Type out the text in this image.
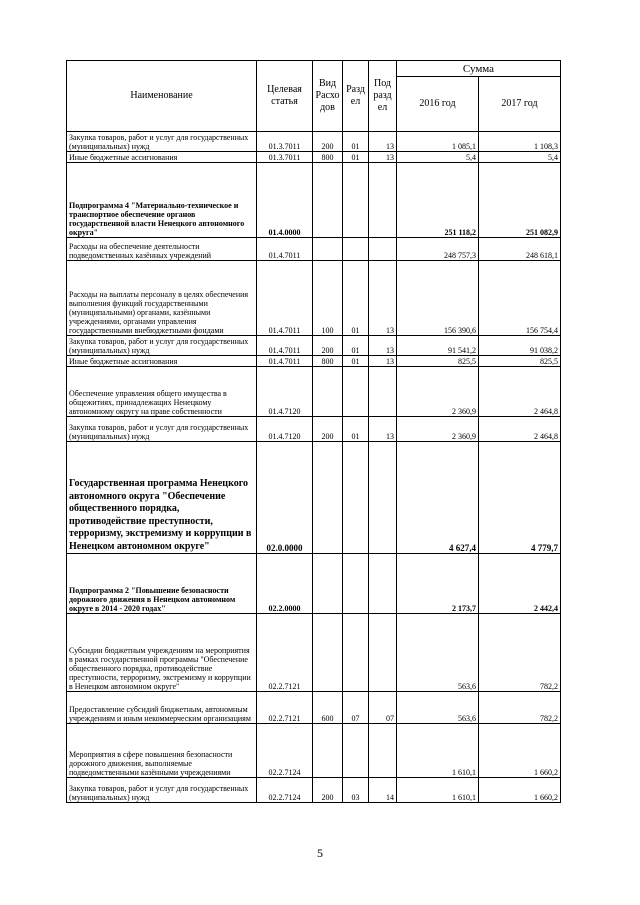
Наименование	Целевая статья	Вид Расхо дов	Разд ел	Под разд ел	Сумма	
					2016 год	2017 год
Закупка товаров, работ и услуг для государственных (муниципальных) нужд	01.3.7011	200	01	13	1 085,1	1 108,3
Иные бюджетные ассигнования	01.3.7011	800	01	13	5,4	5,4
Подпрограмма 4 "Материально-техническое и транспортное обеспечение органов государственной власти Ненецкого автономного округа"	01.4.0000				251 118,2	251 082,9
Расходы на обеспечение деятельности подведомственных казённых учреждений	01.4.7011				248 757,3	248 618,1
Расходы на выплаты персоналу в целях обеспечения выполнения функций государственными (муниципальными) органами, казёнными учреждениями, органами управления государственными внебюджетными фондами	01.4.7011	100	01	13	156 390,6	156 754,4
Закупка товаров, работ и услуг для государственных (муниципальных) нужд	01.4.7011	200	01	13	91 541,2	91 038,2
Иные бюджетные ассигнования	01.4.7011	800	01	13	825,5	825,5
Обеспечение управления общего имущества в общежитиях, принадлежащих Ненецкому автономному округу на праве собственности	01.4.7120				2 360,9	2 464,8
Закупка товаров, работ и услуг для государственных (муниципальных) нужд	01.4.7120	200	01	13	2 360,9	2 464,8
Государственная программа Ненецкого автономного округа "Обеспечение общественного порядка, противодействие преступности, терроризму, экстремизму и коррупции в Ненецком автономном округе"	02.0.0000				4 627,4	4 779,7
Подпрограмма 2 "Повышение безопасности дорожного движения в Ненецком автономном округе в 2014 - 2020 годах"	02.2.0000				2 173,7	2 442,4
Субсидии бюджетным учреждениям на мероприятия в рамках государственной программы "Обеспечение общественного порядка, противодействие преступности, терроризму, экстремизму и коррупции в Ненецком автономном округе"	02.2.7121				563,6	782,2
Предоставление субсидий бюджетным, автономным учреждениям и иным некоммерческим организациям	02.2.7121	600	07	07	563,6	782,2
Мероприятия в сфере повышения безопасности дорожного движения, выполняемые подведомственными казёнными учреждениями	02.2.7124				1 610,1	1 660,2
Закупка товаров, работ и услуг для государственных (муниципальных) нужд	02.2.7124	200	03	14	1 610,1	1 660,2
5
